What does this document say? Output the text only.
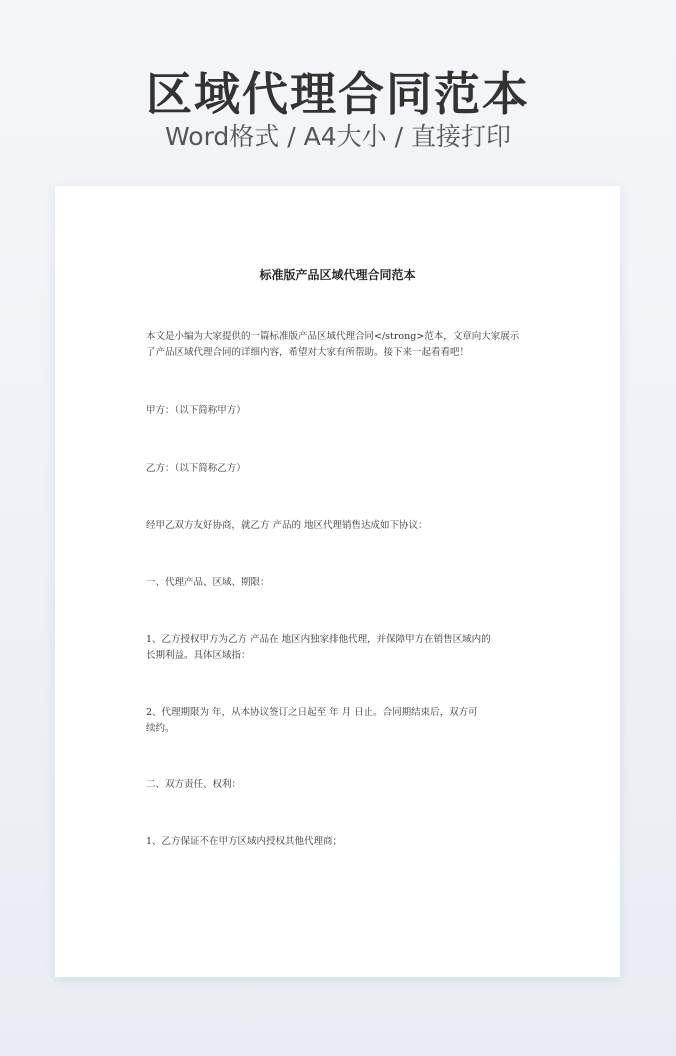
区域代理合同范本
Word格式 / A4大小 / 直接打印
标准版产品区域代理合同范本
本文是小编为大家提供的一篇标准版产品区域代理合同</strong>范本，文章向大家展示
了产品区域代理合同的详细内容，希望对大家有所帮助。接下来一起看看吧！
甲方：（以下简称甲方）
乙方：（以下简称乙方）
经甲乙双方友好协商，就乙方 产品的 地区代理销售达成如下协议：
一、代理产品、区域、期限：
1、乙方授权甲方为乙方 产品在 地区内独家排他代理，并保障甲方在销售区域内的
长期利益。具体区域指：
2、代理期限为 年，从本协议签订之日起至 年 月 日止。合同期结束后，双方可
续约。
二、双方责任、权利：
1、乙方保证不在甲方区域内授权其他代理商；
